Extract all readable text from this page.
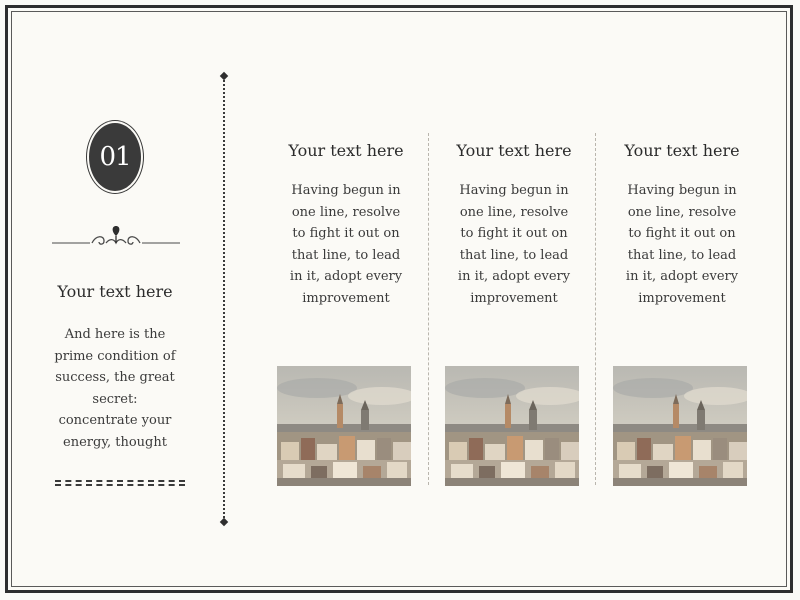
01
Your text here
And here is the
prime condition of
success, the great
secret:
concentrate your
energy, thought
Your text here
Having begun in
one line, resolve
to fight it out on
that line, to lead
in it, adopt every
improvement
Your text here
Having begun in
one line, resolve
to fight it out on
that line, to lead
in it, adopt every
improvement
Your text here
Having begun in
one line, resolve
to fight it out on
that line, to lead
in it, adopt every
improvement
